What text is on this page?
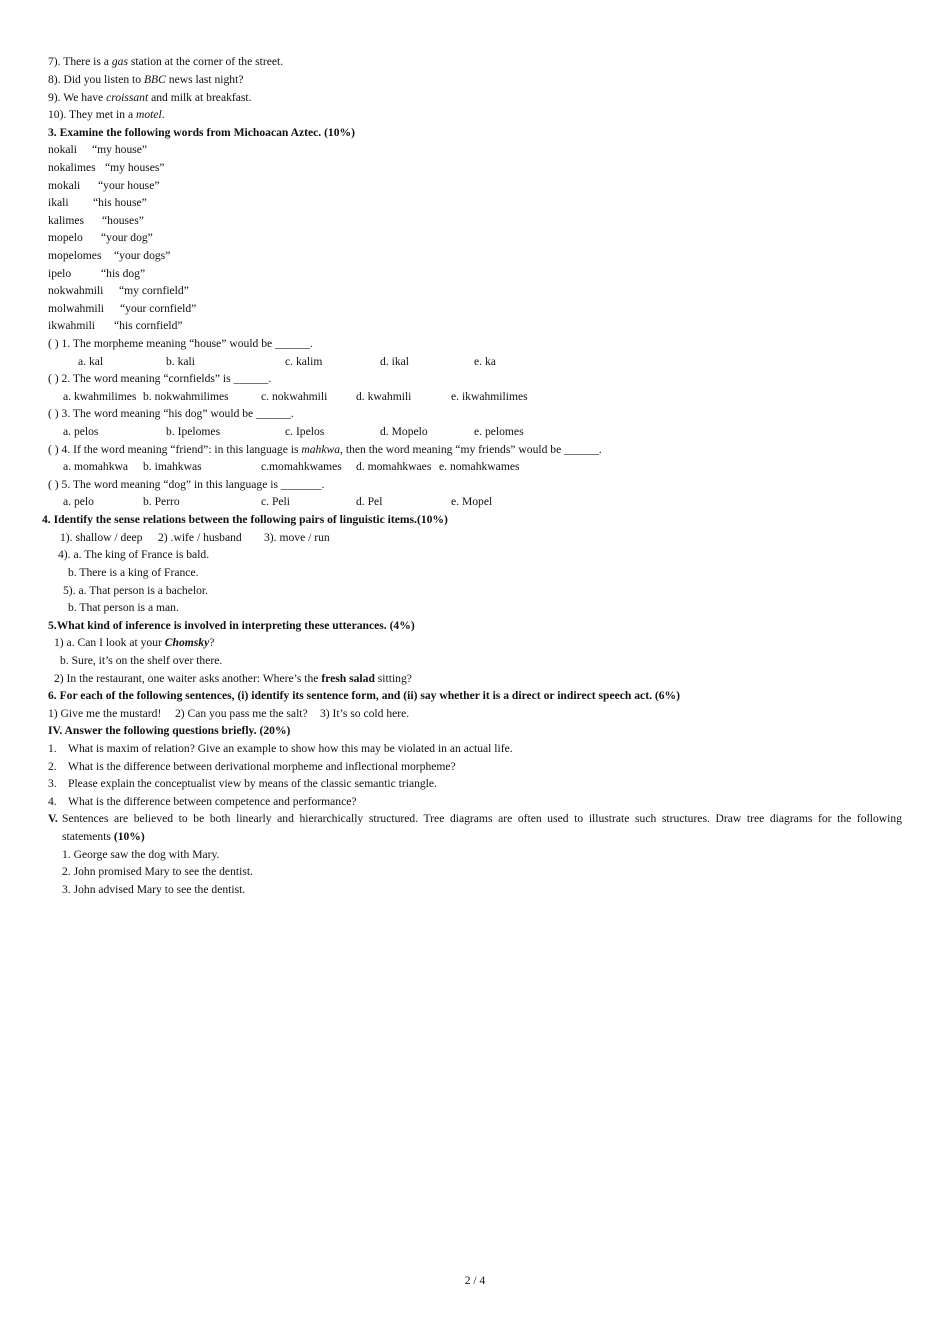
7). There is a gas station at the corner of the street.
8). Did you listen to BBC news last night?
9). We have croissant and milk at breakfast.
10). They met in a motel.
3. Examine the following words from Michoacan Aztec. (10%)
nokali “my house”
nokalimes “my houses”
mokali “your house”
ikali “his house”
kalimes “houses”
mopelo “your dog”
mopelomes “your dogs”
ipelo	“his dog”
nokwahmili “my cornfield”
molwahmili “your cornfield”
ikwahmili “his cornfield”
( ) 1. The morpheme meaning “house” would be ______.
a. kal	b. kali	c. kalim	d. ikal	e. ka
( ) 2. The word meaning “cornfields” is ______.
a. kwahmilimes b. nokwahmilimes	c. nokwahmili d. kwahmili	e. ikwahmilimes
( ) 3. The word meaning “his dog” would be ______.
a. pelos	b. Ipelomes	c. Ipelos	d. Mopelo	e. pelomes
( ) 4. If the word meaning “friend”: in this language is mahkwa, then the word meaning “my friends” would be ______.
a. momahkwa b. imahkwas	c.momahkwames d. momahkwaes e. nomahkwames
( ) 5. The word meaning “dog” in this language is _______.
a. pelo	b. Perro	c. Peli	d. Pel	e. Mopel
4. Identify the sense relations between the following pairs of linguistic items.(10%)
1). shallow / deep 2) .wife / husband 3). move / run
4). a. The king of France is bald.
b. There is a king of France.
5). a. That person is a bachelor.
b. That person is a man.
5.What kind of inference is involved in interpreting these utterances. (4%)
1) a. Can I look at your Chomsky?
b. Sure, it’s on the shelf over there.
2) In the restaurant, one waiter asks another: Where’s the fresh salad sitting?
6. For each of the following sentences, (i) identify its sentence form, and (ii) say whether it is a direct or indirect speech act. (6%)
1) Give me the mustard! 2) Can you pass me the salt? 3) It’s so cold here.
IV. Answer the following questions briefly. (20%)
1. What is maxim of relation? Give an example to show how this may be violated in an actual life.
2. What is the difference between derivational morpheme and inflectional morpheme?
3. Please explain the conceptualist view by means of the classic semantic triangle.
4. What is the difference between competence and performance?
V. Sentences are believed to be both linearly and hierarchically structured. Tree diagrams are often used to illustrate such structures. Draw tree diagrams for the following
statements (10%)
1. George saw the dog with Mary.
2. John promised Mary to see the dentist.
3. John advised Mary to see the dentist.
2 / 4
